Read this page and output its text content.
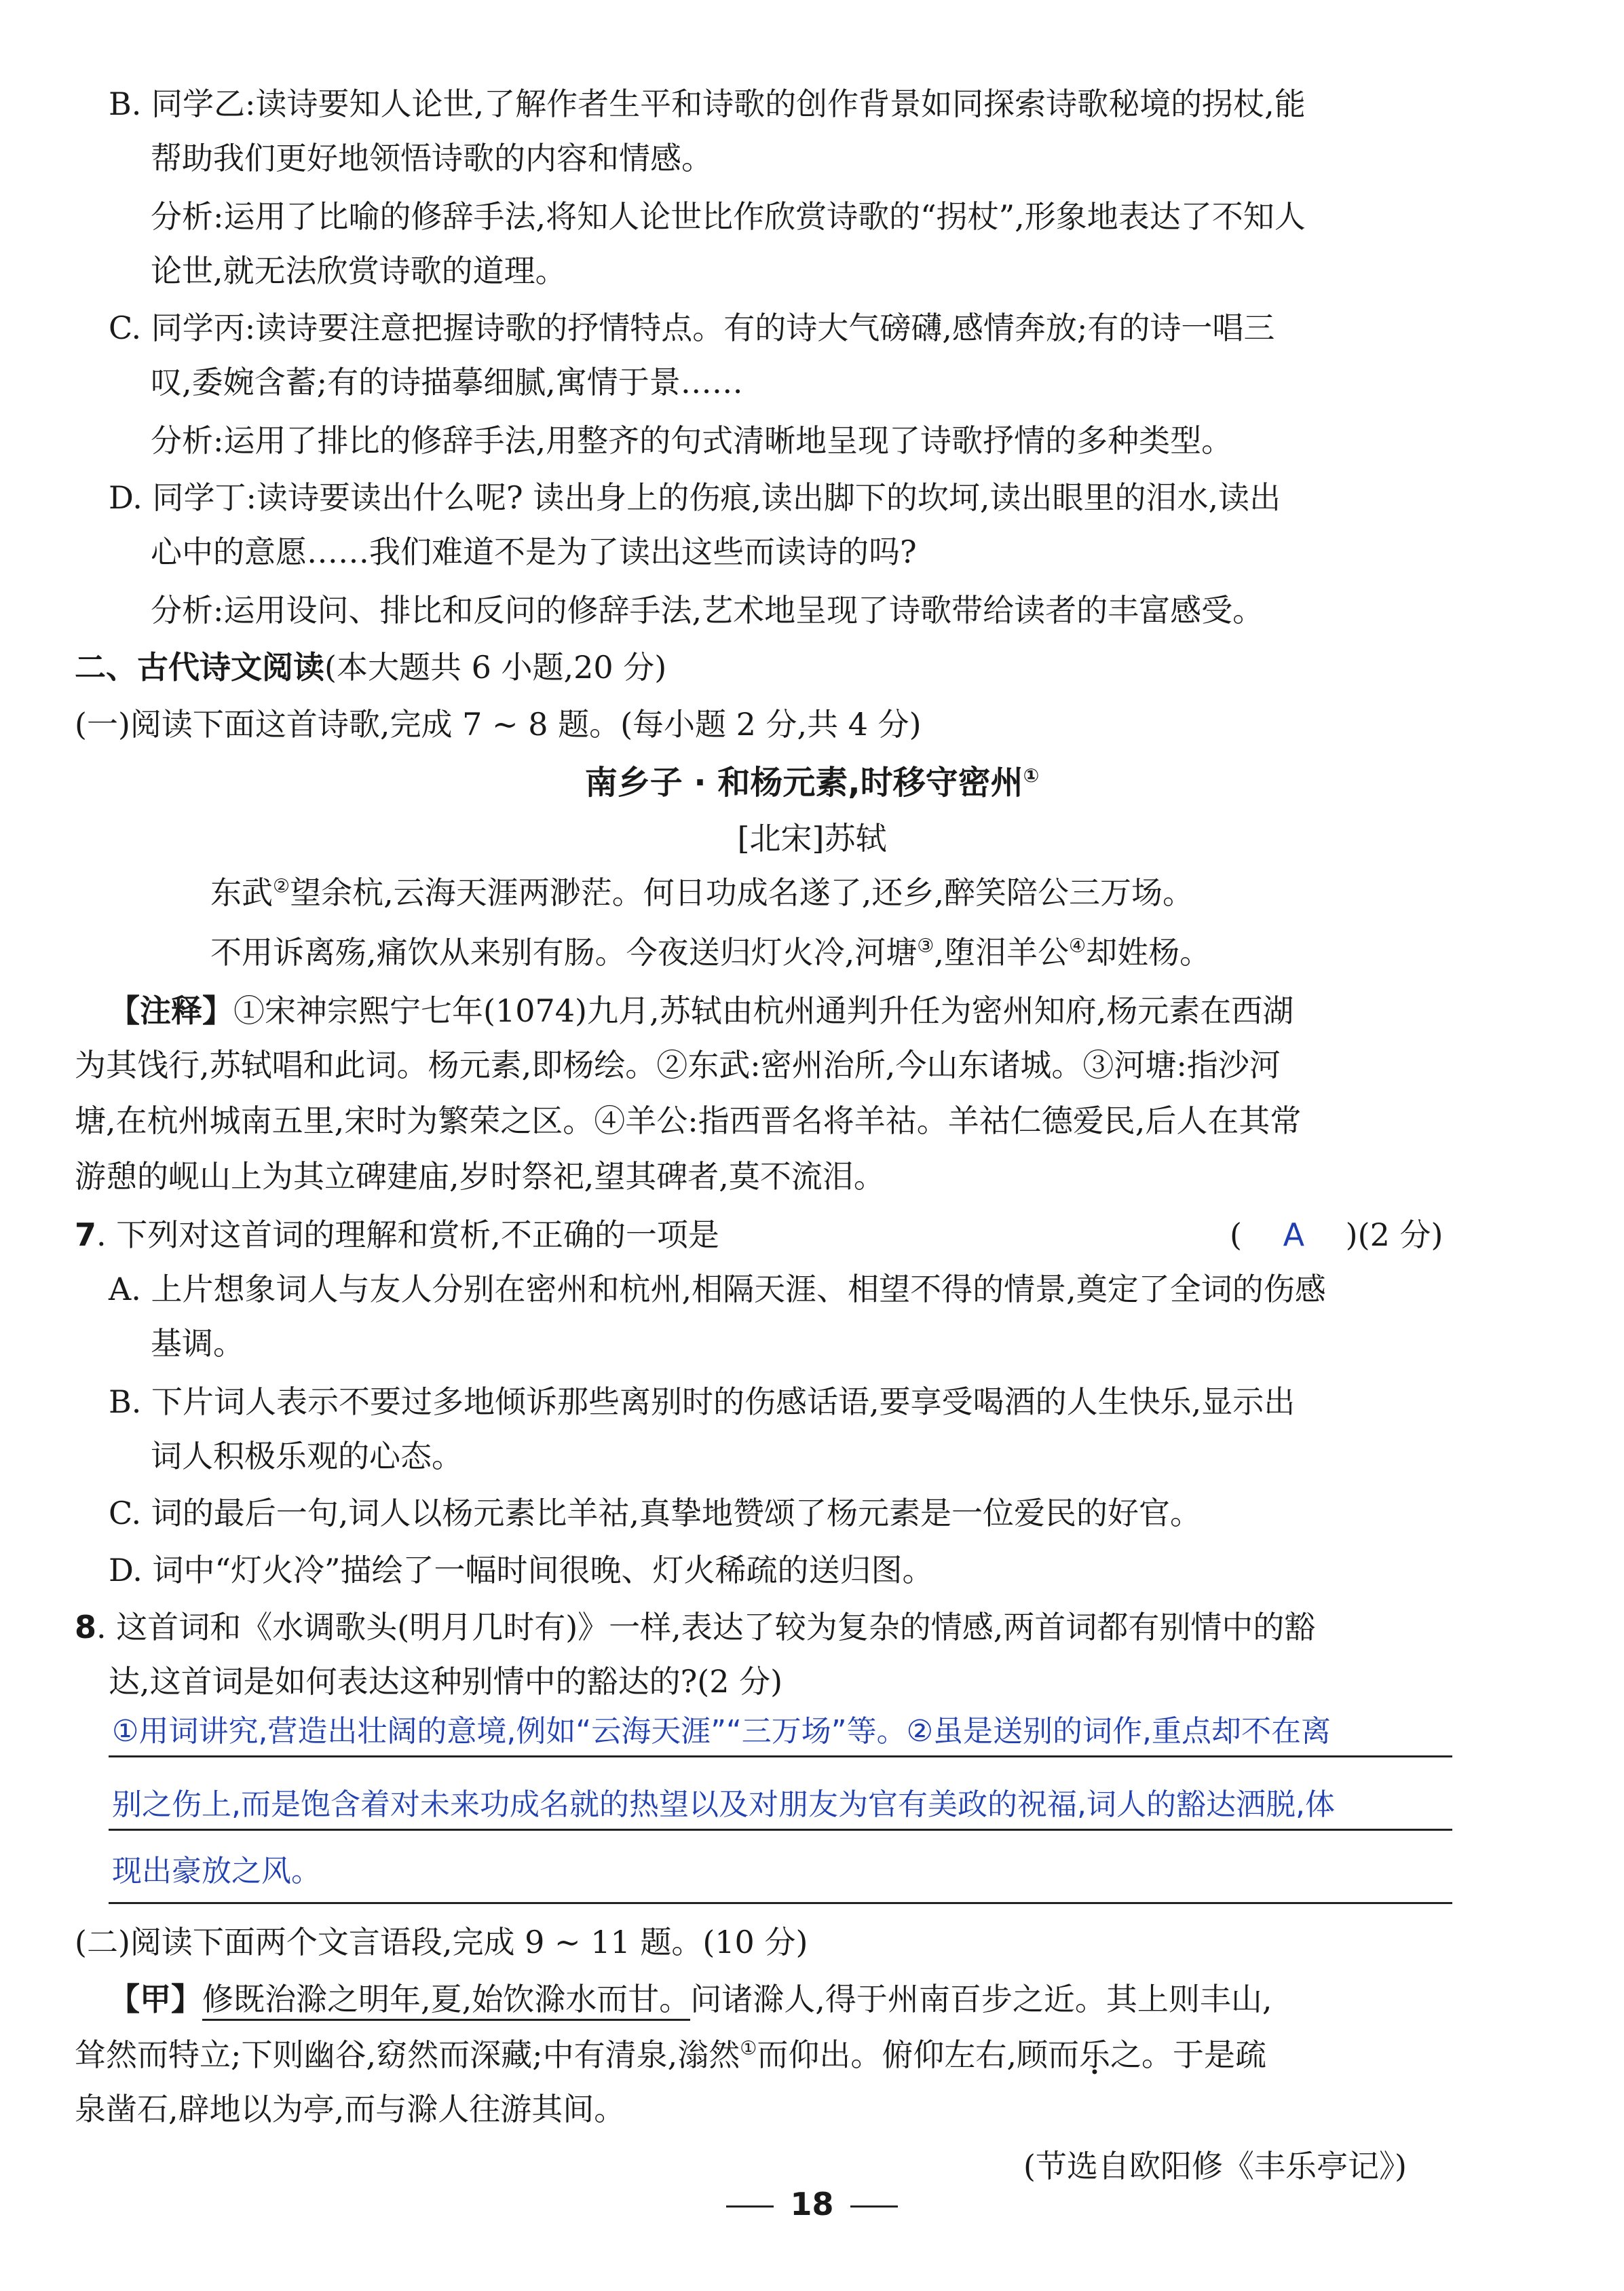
B. 同学乙:读诗要知人论世,了解作者生平和诗歌的创作背景如同探索诗歌秘境的拐杖,能
帮助我们更好地领悟诗歌的内容和情感。
分析:运用了比喻的修辞手法,将知人论世比作欣赏诗歌的“拐杖”,形象地表达了不知人
论世,就无法欣赏诗歌的道理。
C. 同学丙:读诗要注意把握诗歌的抒情特点。有的诗大气磅礴,感情奔放;有的诗一唱三
叹,委婉含蓄;有的诗描摹细腻,寓情于景……
分析:运用了排比的修辞手法,用整齐的句式清晰地呈现了诗歌抒情的多种类型。
D. 同学丁:读诗要读出什么呢? 读出身上的伤痕,读出脚下的坎坷,读出眼里的泪水,读出
心中的意愿……我们难道不是为了读出这些而读诗的吗?
分析:运用设问、排比和反问的修辞手法,艺术地呈现了诗歌带给读者的丰富感受。
二、古代诗文阅读(本大题共 6 小题,20 分)
(一)阅读下面这首诗歌,完成 7 ~ 8 题。(每小题 2 分,共 4 分)
南乡子 · 和杨元素,时移守密州①
[北宋]苏轼
东武②望余杭,云海天涯两渺茫。何日功成名遂了,还乡,醉笑陪公三万场。
不用诉离殇,痛饮从来别有肠。今夜送归灯火冷,河塘③,堕泪羊公④却姓杨。
【注释】①宋神宗熙宁七年(1074)九月,苏轼由杭州通判升任为密州知府,杨元素在西湖
为其饯行,苏轼唱和此词。杨元素,即杨绘。②东武:密州治所,今山东诸城。③河塘:指沙河
塘,在杭州城南五里,宋时为繁荣之区。④羊公:指西晋名将羊祜。羊祜仁德爱民,后人在其常
游憩的岘山上为其立碑建庙,岁时祭祀,望其碑者,莫不流泪。
7. 下列对这首词的理解和赏析,不正确的一项是	( A )(2 分)
A. 上片想象词人与友人分别在密州和杭州,相隔天涯、相望不得的情景,奠定了全词的伤感
基调。
B. 下片词人表示不要过多地倾诉那些离别时的伤感话语,要享受喝酒的人生快乐,显示出
词人积极乐观的心态。
C. 词的最后一句,词人以杨元素比羊祜,真挚地赞颂了杨元素是一位爱民的好官。
D. 词中“灯火冷”描绘了一幅时间很晚、灯火稀疏的送归图。
8. 这首词和《水调歌头(明月几时有)》一样,表达了较为复杂的情感,两首词都有别情中的豁
达,这首词是如何表达这种别情中的豁达的?(2 分)
①用词讲究,营造出壮阔的意境,例如“云海天涯”“三万场”等。②虽是送别的词作,重点却不在离
别之伤上,而是饱含着对未来功成名就的热望以及对朋友为官有美政的祝福,词人的豁达洒脱,体
现出豪放之风。
(二)阅读下面两个文言语段,完成 9 ~ 11 题。(10 分)
【甲】修既治滁之明年,夏,始饮滁水而甘。问诸滁人,得于州南百步之近。其上则丰山,
耸然而特立;下则幽谷,窈然而深藏;中有清泉,滃然①而仰出。俯仰左右,顾而乐之。于是疏
泉凿石,辟地以为亭,而与滁人往游其间。
(节选自欧阳修《丰乐亭记》)
18
